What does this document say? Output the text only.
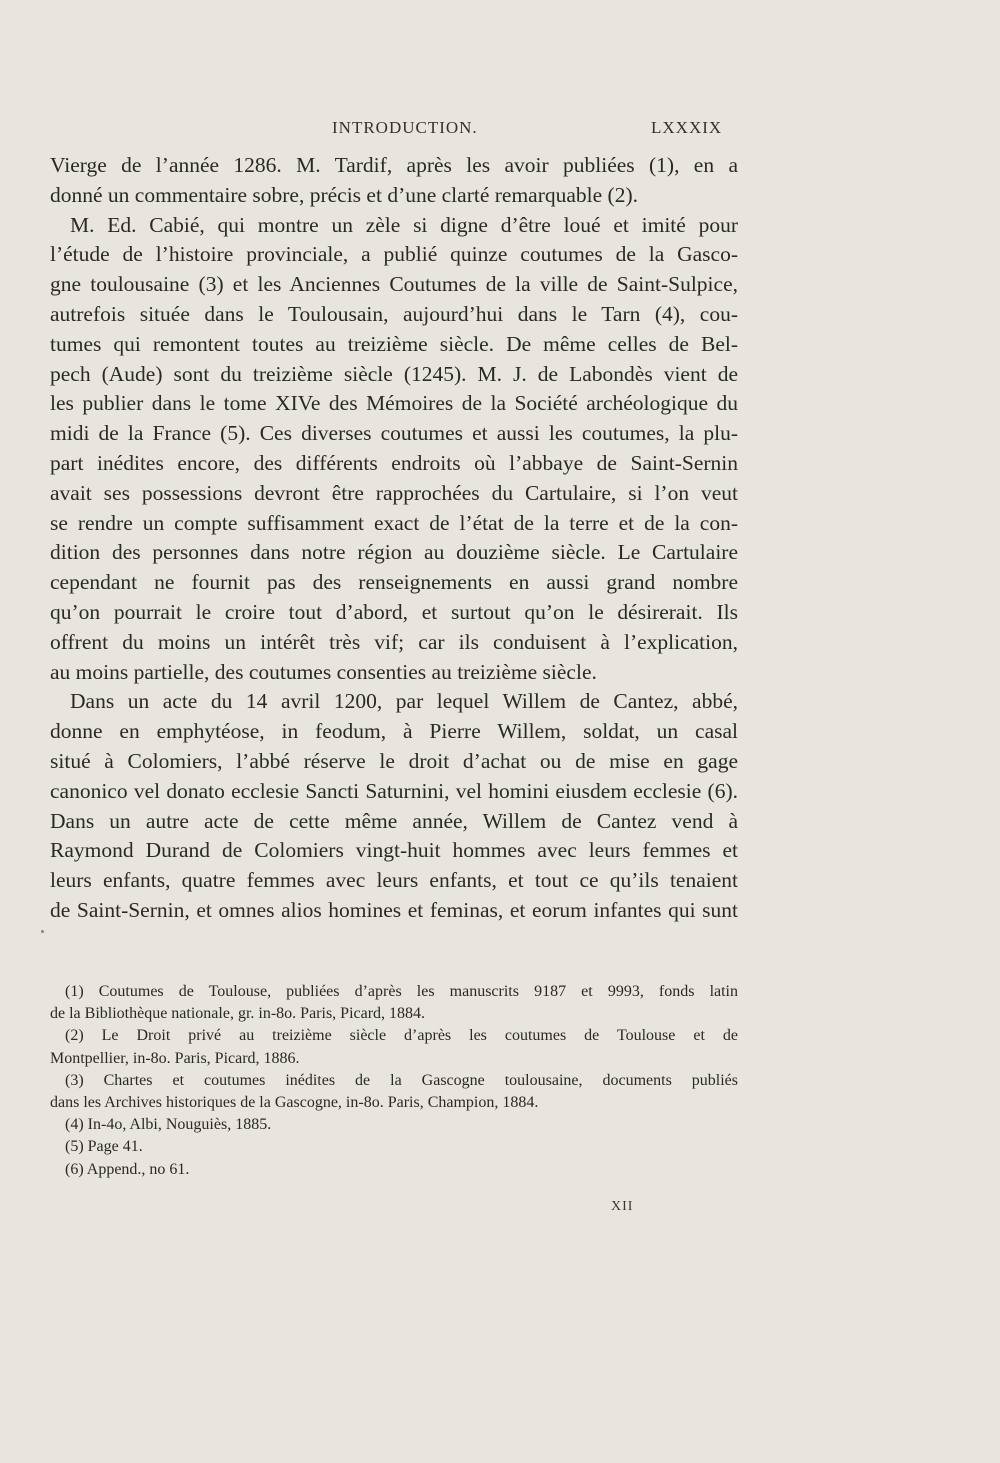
INTRODUCTION.	LXXXIX
Vierge de l’année 1286. M. Tardif, après les avoir publiées (1), en a
donné un commentaire sobre, précis et d’une clarté remarquable (2).
M. Ed. Cabié, qui montre un zèle si digne d’être loué et imité pour
l’étude de l’histoire provinciale, a publié quinze coutumes de la Gasco-
gne toulousaine (3) et les Anciennes Coutumes de la ville de Saint-Sulpice,
autrefois située dans le Toulousain, aujourd’hui dans le Tarn (4), cou-
tumes qui remontent toutes au treizième siècle. De même celles de Bel-
pech (Aude) sont du treizième siècle (1245). M. J. de Labondès vient de
les publier dans le tome XIVe des Mémoires de la Société archéologique du
midi de la France (5). Ces diverses coutumes et aussi les coutumes, la plu-
part inédites encore, des différents endroits où l’abbaye de Saint-Sernin
avait ses possessions devront être rapprochées du Cartulaire, si l’on veut
se rendre un compte suffisamment exact de l’état de la terre et de la con-
dition des personnes dans notre région au douzième siècle. Le Cartulaire
cependant ne fournit pas des renseignements en aussi grand nombre
qu’on pourrait le croire tout d’abord, et surtout qu’on le désirerait. Ils
offrent du moins un intérêt très vif; car ils conduisent à l’explication,
au moins partielle, des coutumes consenties au treizième siècle.
Dans un acte du 14 avril 1200, par lequel Willem de Cantez, abbé,
donne en emphytéose, in feodum, à Pierre Willem, soldat, un casal
situé à Colomiers, l’abbé réserve le droit d’achat ou de mise en gage
canonico vel donato ecclesie Sancti Saturnini, vel homini eiusdem ecclesie (6).
Dans un autre acte de cette même année, Willem de Cantez vend à
Raymond Durand de Colomiers vingt-huit hommes avec leurs femmes et
leurs enfants, quatre femmes avec leurs enfants, et tout ce qu’ils tenaient
de Saint-Sernin, et omnes alios homines et feminas, et eorum infantes qui sunt
(1) Coutumes de Toulouse, publiées d’après les manuscrits 9187 et 9993, fonds latin
de la Bibliothèque nationale, gr. in-8o. Paris, Picard, 1884.
(2) Le Droit privé au treizième siècle d’après les coutumes de Toulouse et de
Montpellier, in-8o. Paris, Picard, 1886.
(3) Chartes et coutumes inédites de la Gascogne toulousaine, documents publiés
dans les Archives historiques de la Gascogne, in-8o. Paris, Champion, 1884.
(4) In-4o, Albi, Nouguiès, 1885.
(5) Page 41.
(6) Append., no 61.
XII
